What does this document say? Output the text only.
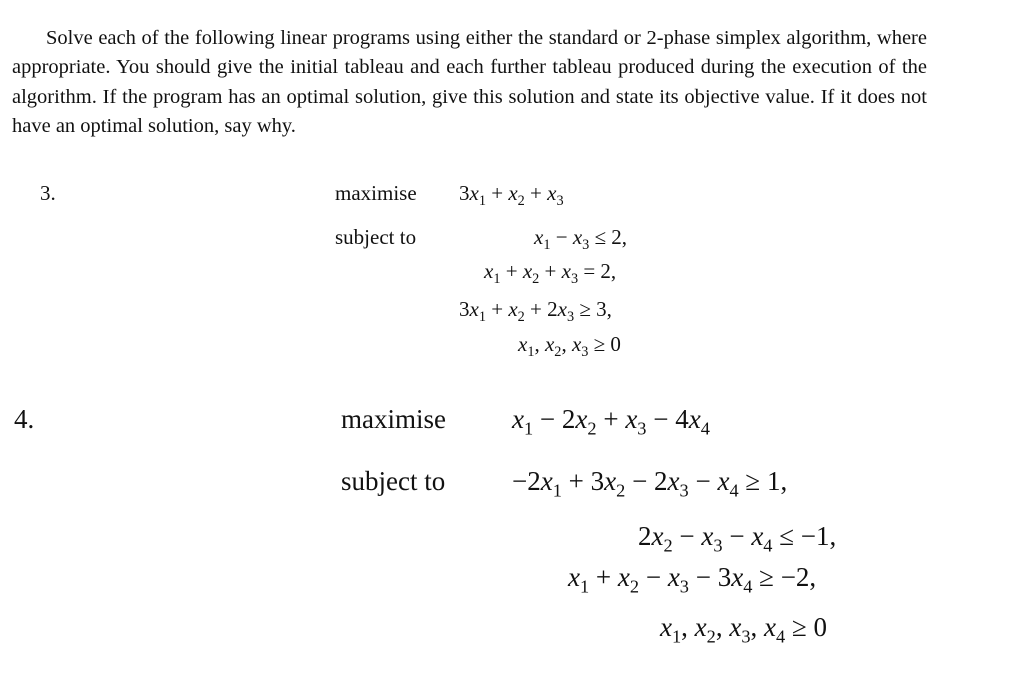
Solve each of the following linear programs using either the standard or 2-phase simplex algorithm, where appropriate. You should give the initial tableau and each further tableau produced during the execution of the algorithm. If the program has an optimal solution, give this solution and state its objective value. If it does not have an optimal solution, say why.

3.	maximise $3x_1 + x_2 + x_3$
subject to	$x_1 - x_3 \le 2$,
$x_1 + x_2 + x_3 = 2$,
$3x_1 + x_2 + 2x_3 \ge 3$,
$x_1$, $x_2$, $x_3 \ge 0$
4.	maximise $x_1 - 2x_2 + x_3 - 4x_4$
subject to $-2x_1 + 3x_2 - 2x_3 - x_4 \ge 1$,
$2x_2 - x_3 - x_4 \le -1$,
$x_1 + x_2 - x_3 - 3x_4 \ge -2$,
$x_1$, $x_2$, $x_3$, $x_4 \ge 0$
